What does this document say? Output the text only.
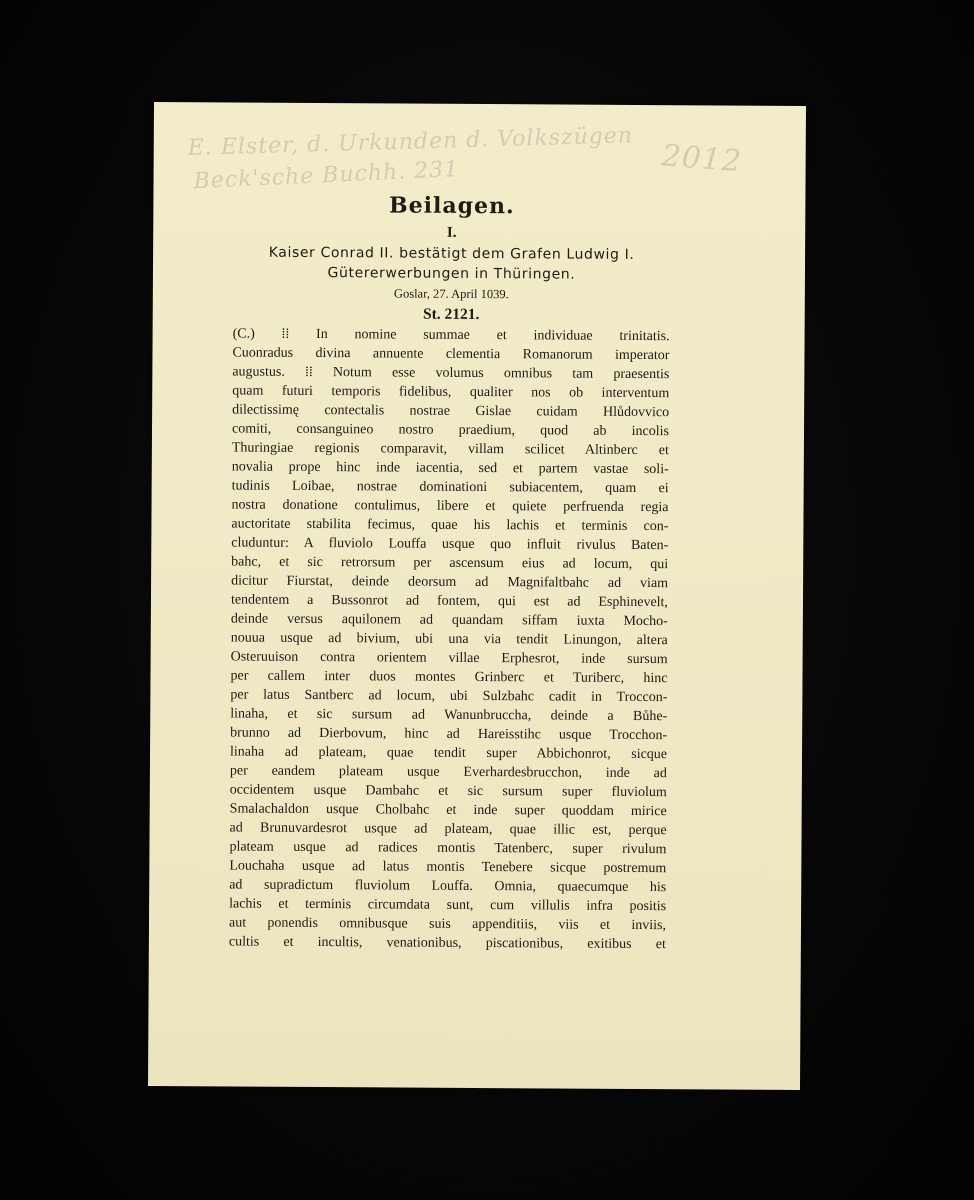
E. Elster, d. Urkunden d. Volkszügen
Beck'sche Buchh. 231	2012
Beilagen.
I.
Kaiser Conrad II. bestätigt dem Grafen Ludwig I.
Gütererwerbungen in Thüringen.
Goslar, 27. April 1039.
St. 2121.
(C.) ⁞⁞ In nomine summae et individuae trinitatis.
Cuonradus divina annuente clementia Romanorum imperator
augustus. ⁞⁞ Notum esse volumus omnibus tam praesentis
quam futuri temporis fidelibus, qualiter nos ob interventum
dilectissimę contectalis nostrae Gislae cuidam Hlůdovvico
comiti, consanguineo nostro praedium, quod ab incolis
Thuringiae regionis comparavit, villam scilicet Altinberc et
novalia prope hinc inde iacentia, sed et partem vastae soli-
tudinis Loibae, nostrae dominationi subiacentem, quam ei
nostra donatione contulimus, libere et quiete perfruenda regia
auctoritate stabilita fecimus, quae his lachis et terminis con-
cluduntur: A fluviolo Louffa usque quo influit rivulus Baten-
bahc, et sic retrorsum per ascensum eius ad locum, qui
dicitur Fiurstat, deinde deorsum ad Magnifaltbahc ad viam
tendentem a Bussonrot ad fontem, qui est ad Esphinevelt,
deinde versus aquilonem ad quandam siffam iuxta Mocho-
nouua usque ad bivium, ubi una via tendit Linungon, altera
Osteruuison contra orientem villae Erphesrot, inde sursum
per callem inter duos montes Grinberc et Turiberc, hinc
per latus Santberc ad locum, ubi Sulzbahc cadit in Troccon-
linaha, et sic sursum ad Wanunbruccha, deinde a Bůhe-
brunno ad Dierbovum, hinc ad Hareisstihc usque Trocchon-
linaha ad plateam, quae tendit super Abbichonrot, sicque
per eandem plateam usque Everhardesbrucchon, inde ad
occidentem usque Dambahc et sic sursum super fluviolum
Smalachaldon usque Cholbahc et inde super quoddam mirice
ad Brunuvardesrot usque ad plateam, quae illic est, perque
plateam usque ad radices montis Tatenberc, super rivulum
Louchaha usque ad latus montis Tenebere sicque postremum
ad supradictum fluviolum Louffa. Omnia, quaecumque his
lachis et terminis circumdata sunt, cum villulis infra positis
aut ponendis omnibusque suis appenditiis, viis et inviis,
cultis et incultis, venationibus, piscationibus, exitibus et
